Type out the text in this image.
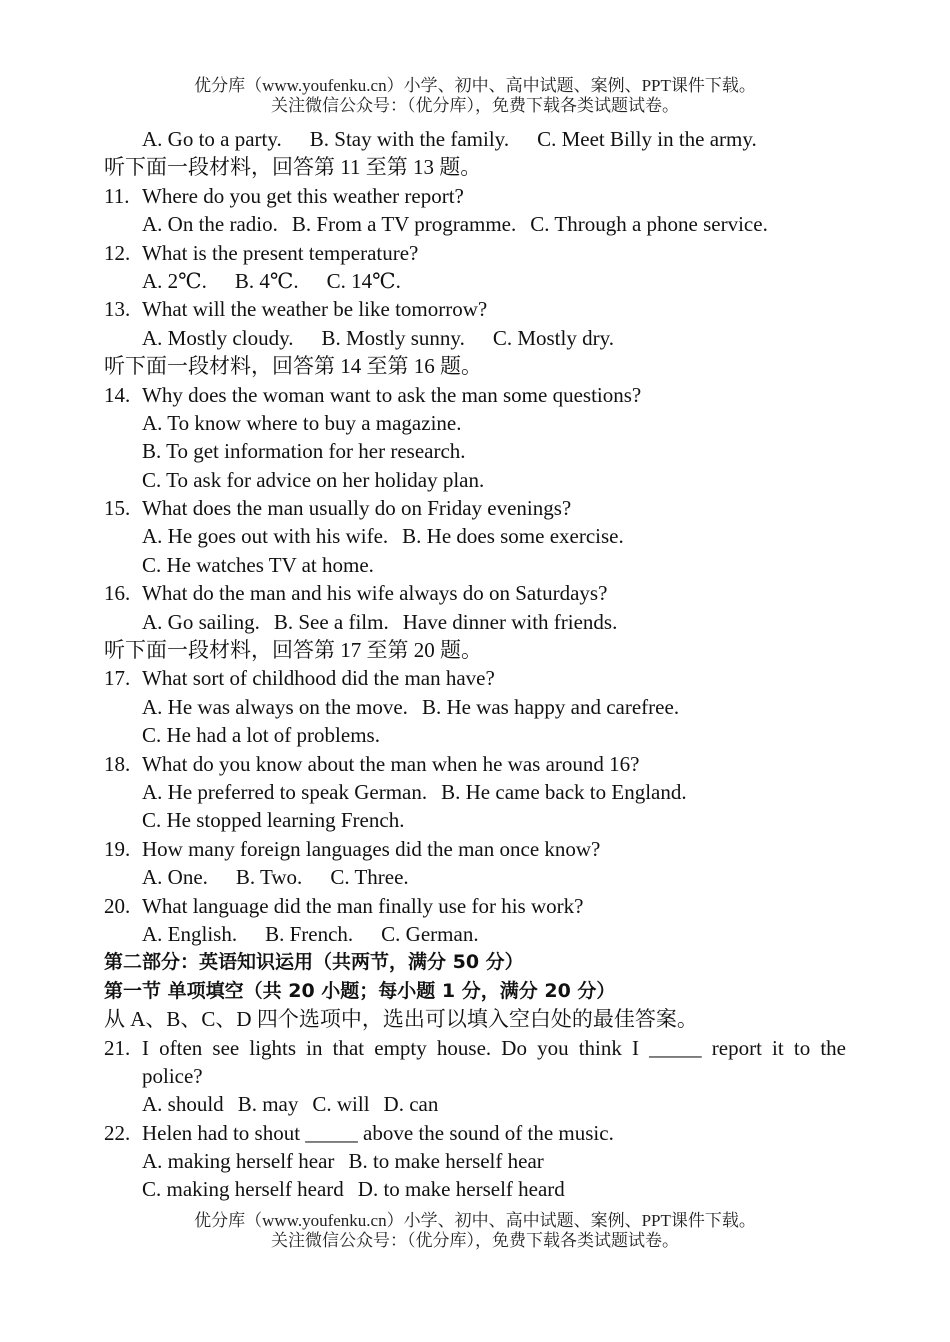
优分库（www.youfenku.cn）小学、初中、高中试题、案例、PPT课件下载。
关注微信公众号：（优分库），免费下载各类试题试卷。
A. Go to a party. B. Stay with the family. C. Meet Billy in the army.
听下面一段材料，回答第 11 至第 13 题。
11. Where do you get this weather report?
A. On the radio. B. From a TV programme. C. Through a phone service.
12. What is the present temperature?
A. 2℃. B. 4℃. C. 14℃.
13. What will the weather be like tomorrow?
A. Mostly cloudy. B. Mostly sunny. C. Mostly dry.
听下面一段材料，回答第 14 至第 16 题。
14. Why does the woman want to ask the man some questions?
A. To know where to buy a magazine.
B. To get information for her research.
C. To ask for advice on her holiday plan.
15. What does the man usually do on Friday evenings?
A. He goes out with his wife. B. He does some exercise.
C. He watches TV at home.
16. What do the man and his wife always do on Saturdays?
A. Go sailing. B. See a film. Have dinner with friends.
听下面一段材料，回答第 17 至第 20 题。
17. What sort of childhood did the man have?
A. He was always on the move. B. He was happy and carefree.
C. He had a lot of problems.
18. What do you know about the man when he was around 16?
A. He preferred to speak German. B. He came back to England.
C. He stopped learning French.
19. How many foreign languages did the man once know?
A. One. B. Two. C. Three.
20. What language did the man finally use for his work?
A. English. B. French. C. German.
第二部分：英语知识运用（共两节，满分 50 分）
第一节 单项填空（共 20 小题；每小题 1 分，满分 20 分）
从 A、B、C、D 四个选项中，选出可以填入空白处的最佳答案。
21. I often see lights in that empty house. Do you think I _____ report it to the
police?
A. should B. may C. will D. can
22. Helen had to shout _____ above the sound of the music.
A. making herself hear B. to make herself hear
C. making herself heard D. to make herself heard
优分库（www.youfenku.cn）小学、初中、高中试题、案例、PPT课件下载。
关注微信公众号：（优分库），免费下载各类试题试卷。
